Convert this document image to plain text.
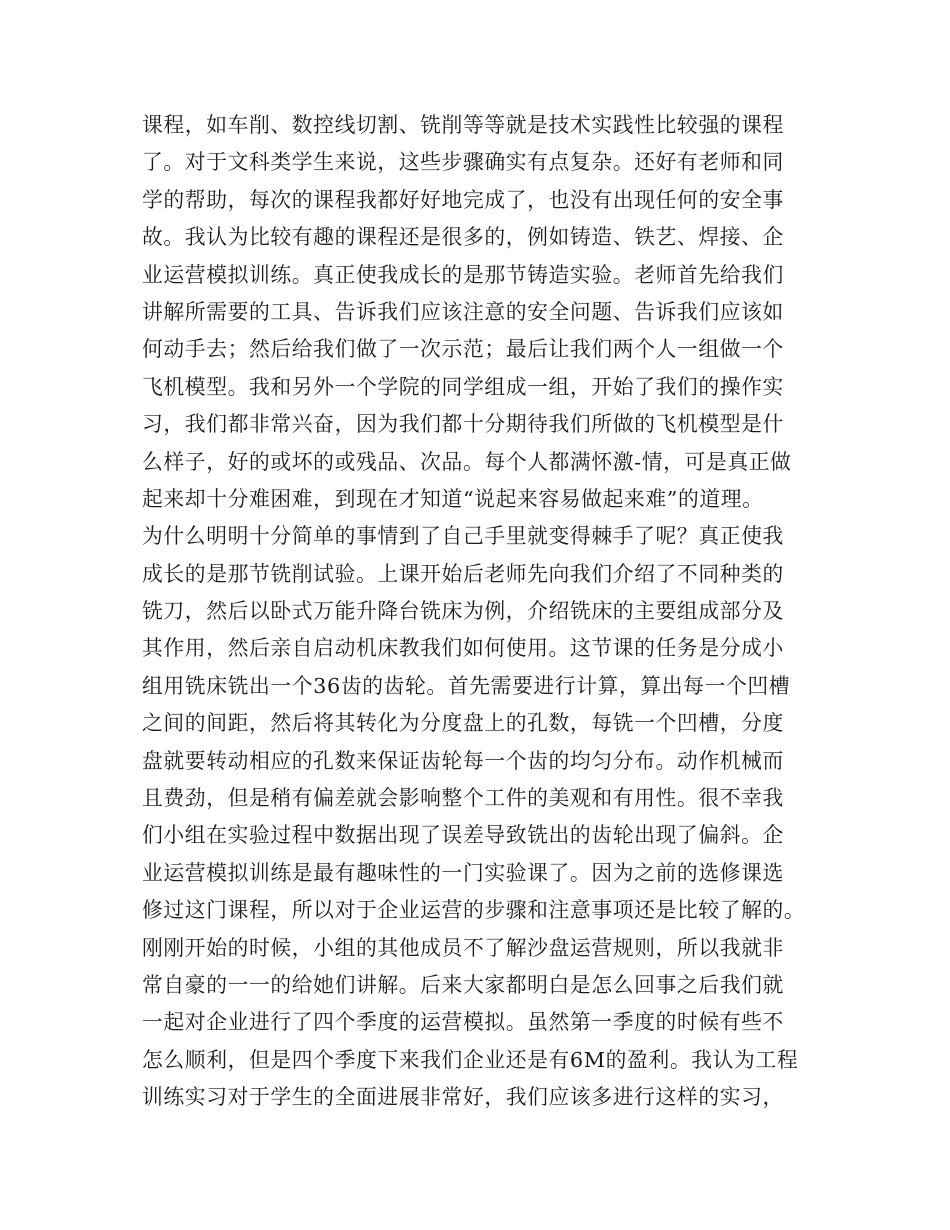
课程，如车削、数控线切割、铣削等等就是技术实践性比较强的课程
了。对于文科类学生来说，这些步骤确实有点复杂。还好有老师和同
学的帮助，每次的课程我都好好地完成了，也没有出现任何的安全事
故。我认为比较有趣的课程还是很多的，例如铸造、铁艺、焊接、企
业运营模拟训练。真正使我成长的是那节铸造实验。老师首先给我们
讲解所需要的工具、告诉我们应该注意的安全问题、告诉我们应该如
何动手去；然后给我们做了一次示范；最后让我们两个人一组做一个
飞机模型。我和另外一个学院的同学组成一组，开始了我们的操作实
习，我们都非常兴奋，因为我们都十分期待我们所做的飞机模型是什
么样子，好的或坏的或残品、次品。每个人都满怀激-情，可是真正做
起来却十分难困难，到现在才知道“说起来容易做起来难”的道理。
为什么明明十分简单的事情到了自己手里就变得棘手了呢？真正使我
成长的是那节铣削试验。上课开始后老师先向我们介绍了不同种类的
铣刀，然后以卧式万能升降台铣床为例，介绍铣床的主要组成部分及
其作用，然后亲自启动机床教我们如何使用。这节课的任务是分成小
组用铣床铣出一个36齿的齿轮。首先需要进行计算，算出每一个凹槽
之间的间距，然后将其转化为分度盘上的孔数，每铣一个凹槽，分度
盘就要转动相应的孔数来保证齿轮每一个齿的均匀分布。动作机械而
且费劲，但是稍有偏差就会影响整个工件的美观和有用性。很不幸我
们小组在实验过程中数据出现了误差导致铣出的齿轮出现了偏斜。企
业运营模拟训练是最有趣味性的一门实验课了。因为之前的选修课选
修过这门课程，所以对于企业运营的步骤和注意事项还是比较了解的。
刚刚开始的时候，小组的其他成员不了解沙盘运营规则，所以我就非
常自豪的一一的给她们讲解。后来大家都明白是怎么回事之后我们就
一起对企业进行了四个季度的运营模拟。虽然第一季度的时候有些不
怎么顺利，但是四个季度下来我们企业还是有6M的盈利。我认为工程
训练实习对于学生的全面进展非常好，我们应该多进行这样的实习，
